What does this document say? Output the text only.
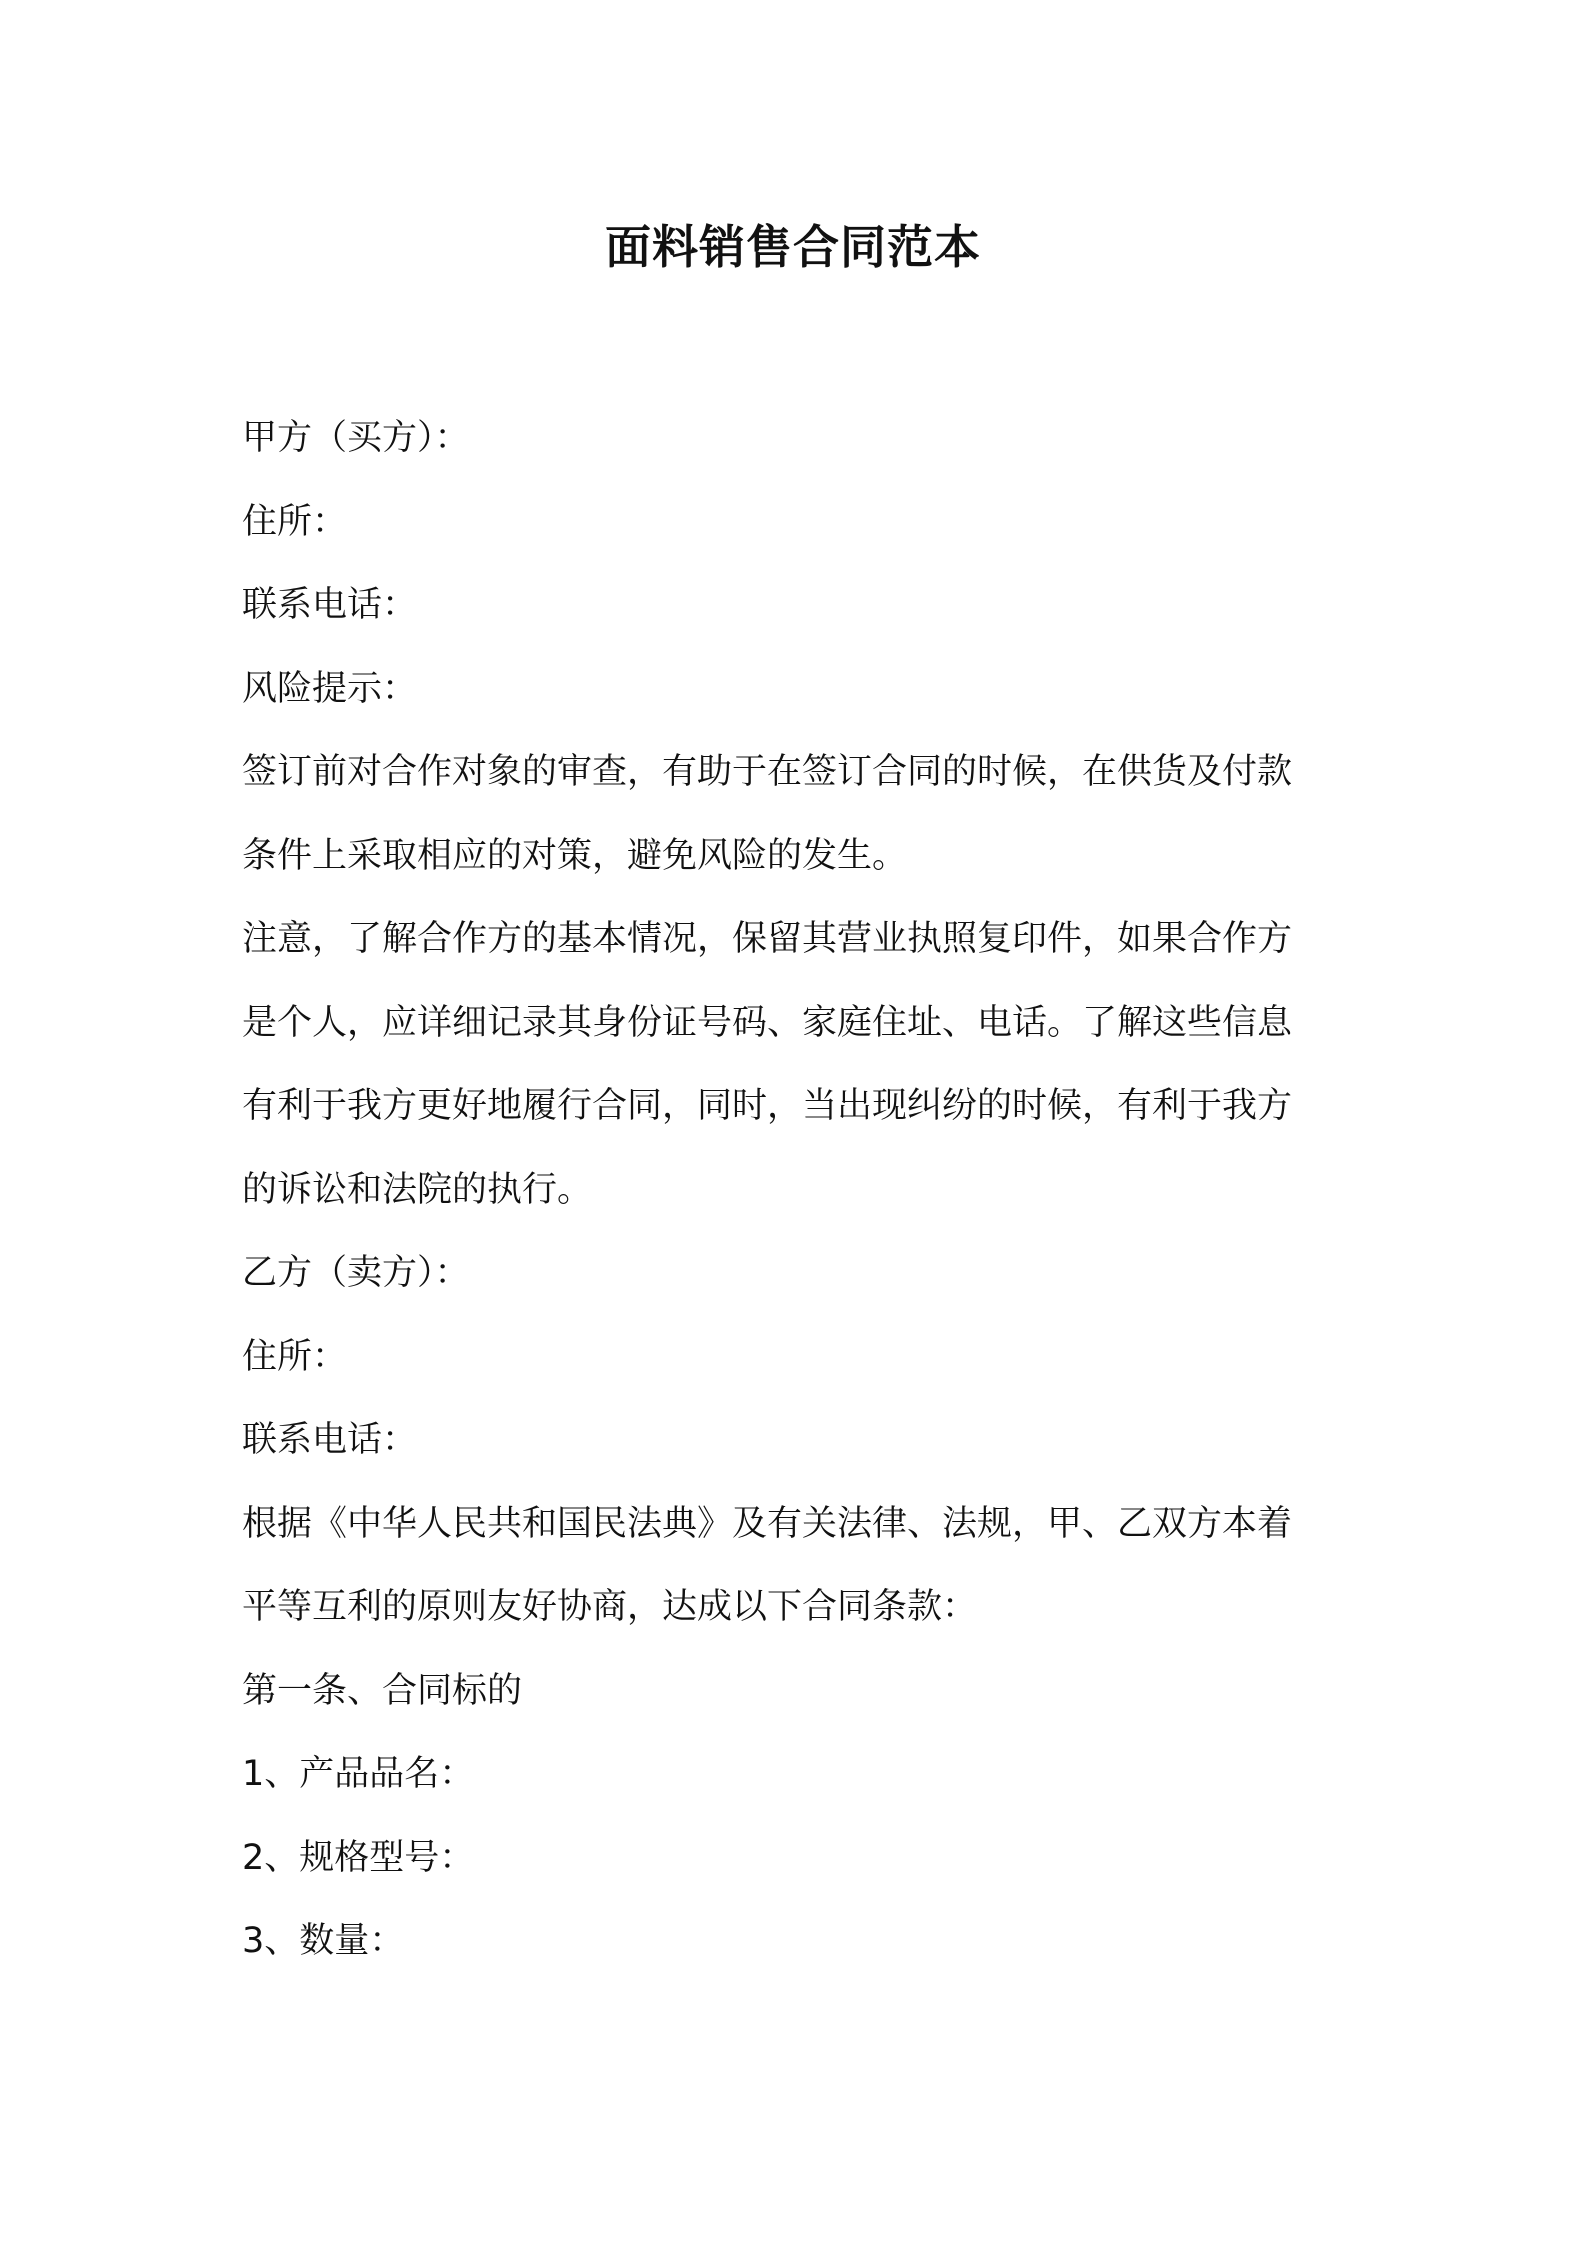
面料销售合同范本
甲方（买方）：
住所：
联系电话：
风险提示：
签订前对合作对象的审查，有助于在签订合同的时候，在供货及付款
条件上采取相应的对策，避免风险的发生。
注意，了解合作方的基本情况，保留其营业执照复印件，如果合作方
是个人，应详细记录其身份证号码、家庭住址、电话。了解这些信息
有利于我方更好地履行合同，同时，当出现纠纷的时候，有利于我方
的诉讼和法院的执行。
乙方（卖方）：
住所：
联系电话：
根据《中华人民共和国民法典》及有关法律、法规，甲、乙双方本着
平等互利的原则友好协商，达成以下合同条款：
第一条、合同标的
1、产品品名：
2、规格型号：
3、数量：
